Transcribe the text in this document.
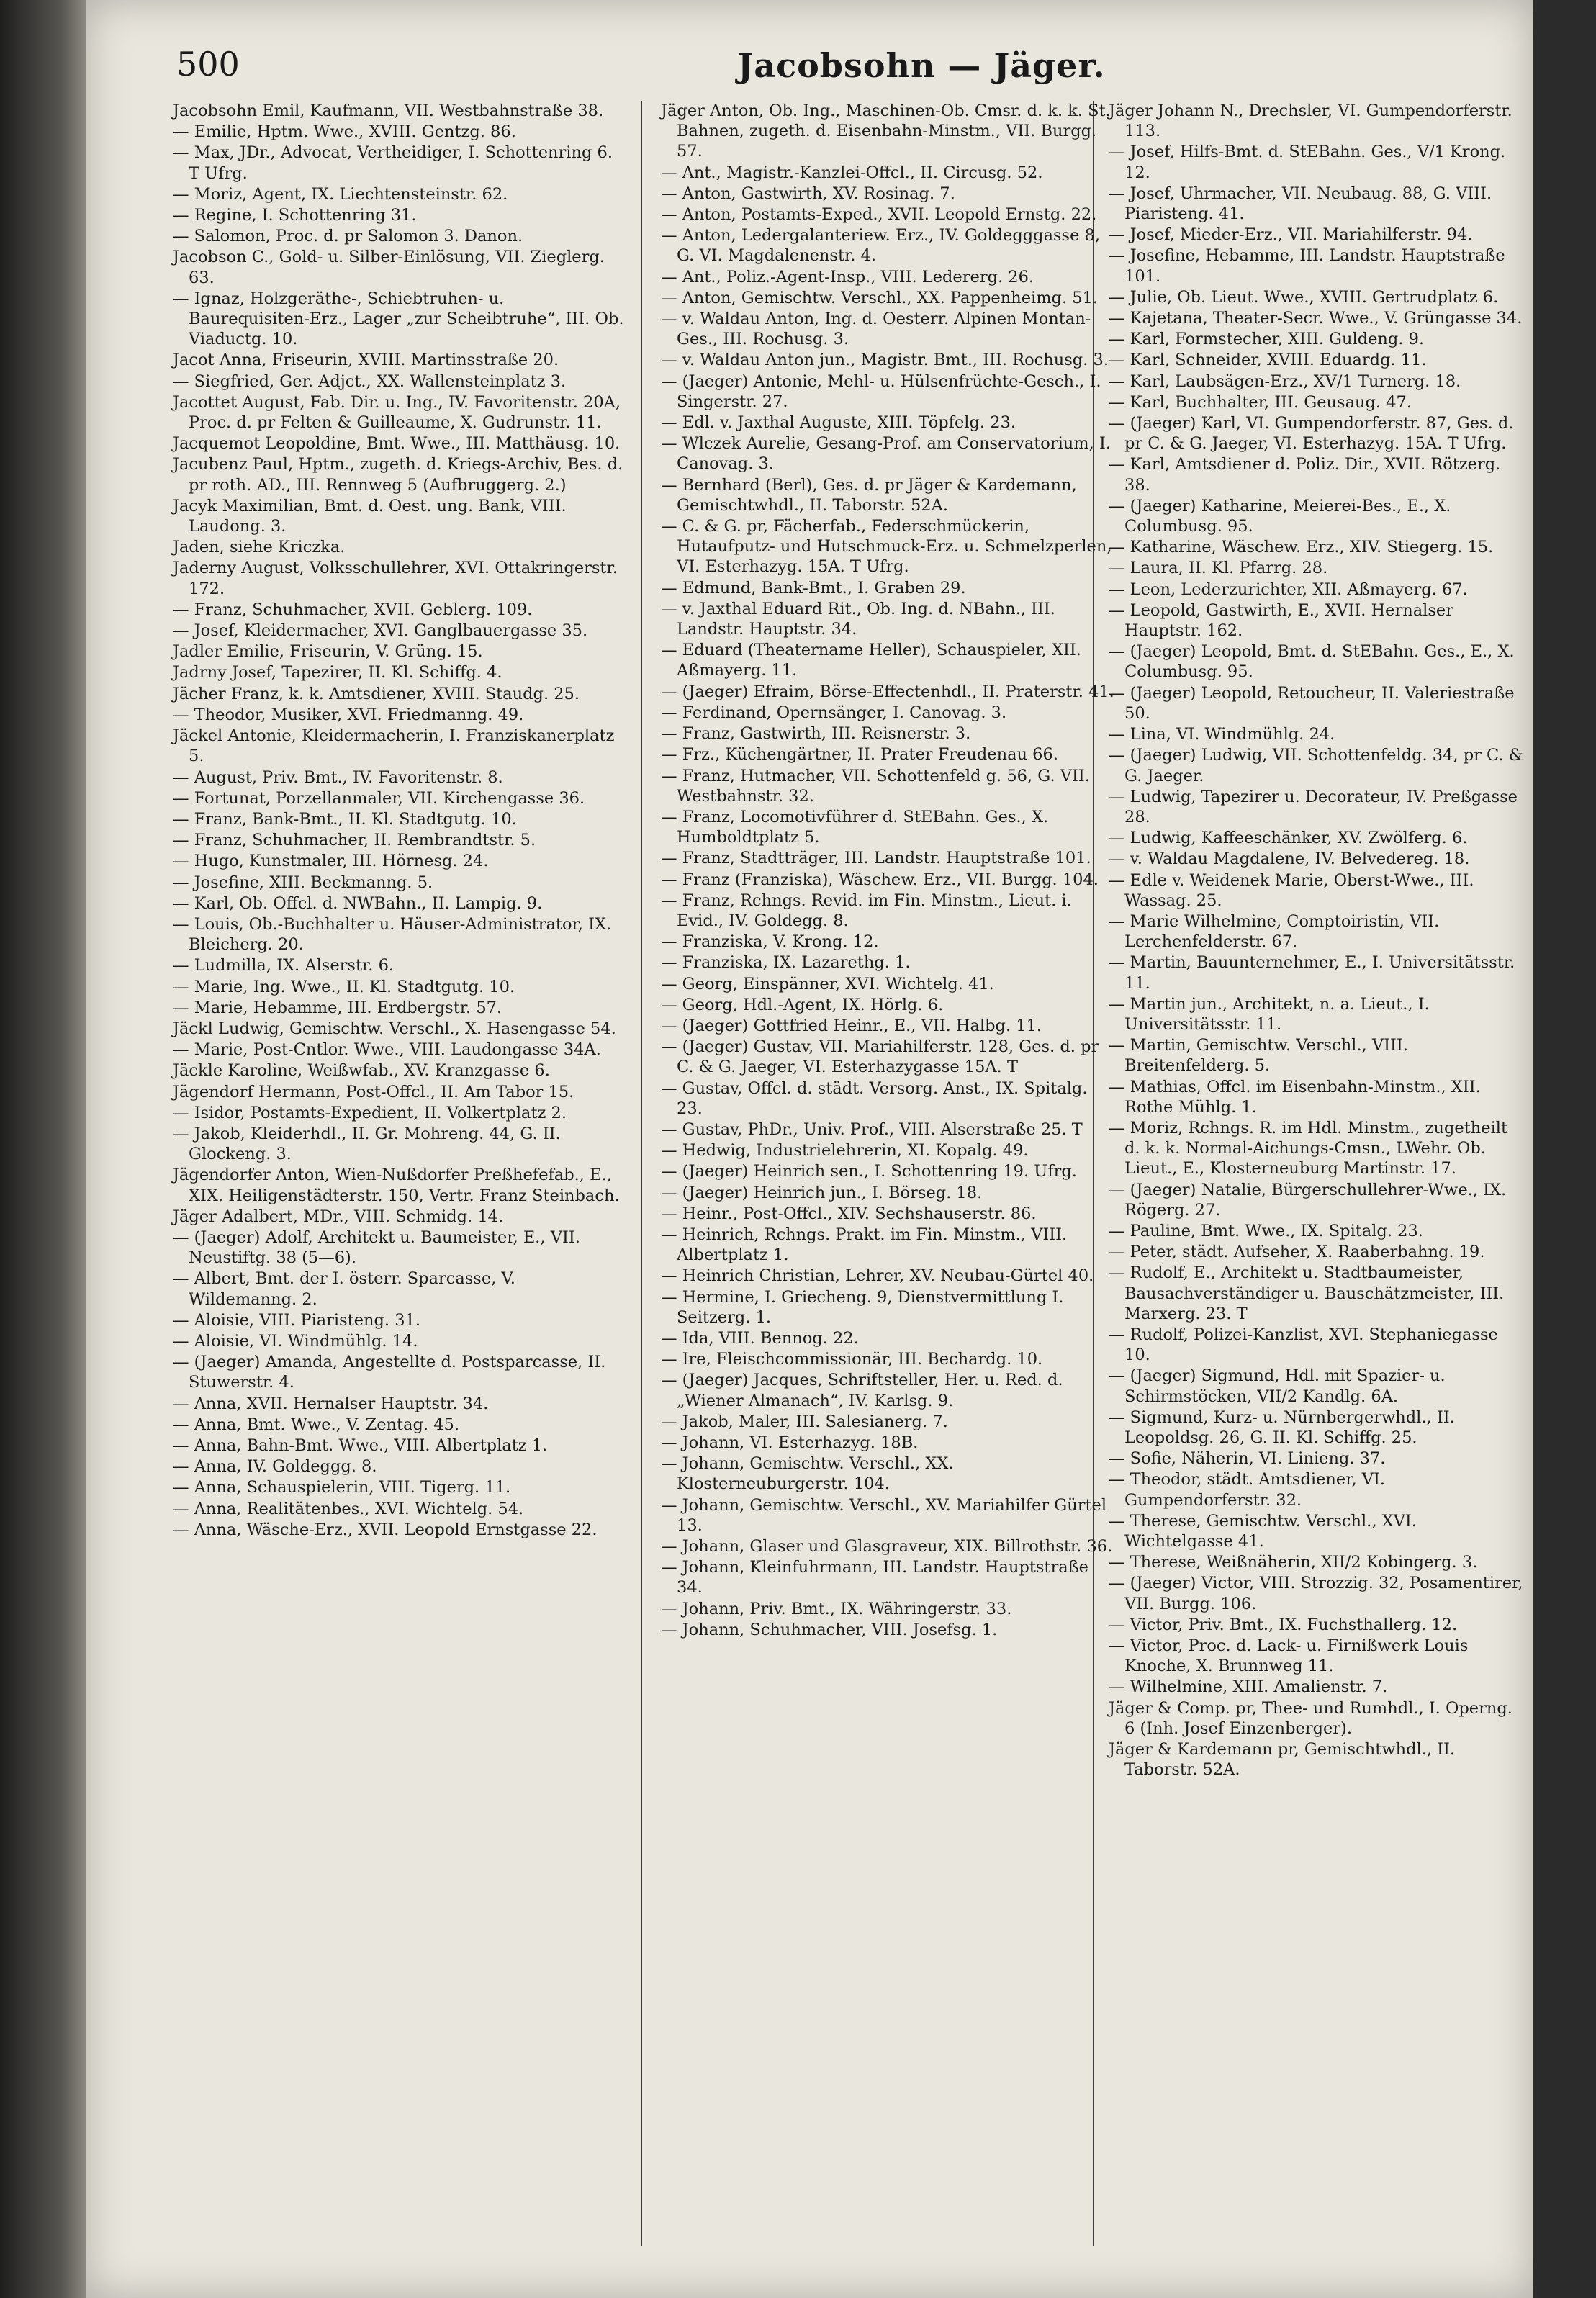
500	Jacobsohn — Jäger.
Jacobsohn Emil, Kaufmann, VII. Westbahnstraße 38.
— Emilie, Hptm. Wwe., XVIII. Gentzg. 86.
— Max, JDr., Advocat, Vertheidiger, I. Schottenring 6. T Ufrg.
— Moriz, Agent, IX. Liechtensteinstr. 62.
— Regine, I. Schottenring 31.
— Salomon, Proc. d. pr Salomon 3. Danon.
Jacobson C., Gold- u. Silber-Einlösung, VII. Zieglerg. 63.
— Ignaz, Holzgeräthe-, Schiebtruhen- u. Baurequisiten-Erz., Lager „zur Scheibtruhe“, III. Ob. Viaductg. 10.
Jacot Anna, Friseurin, XVIII. Martinsstraße 20.
— Siegfried, Ger. Adjct., XX. Wallensteinplatz 3.
Jacottet August, Fab. Dir. u. Ing., IV. Favoritenstr. 20A, Proc. d. pr Felten & Guilleaume, X. Gudrunstr. 11.
Jacquemot Leopoldine, Bmt. Wwe., III. Matthäusg. 10.
Jacubenz Paul, Hptm., zugeth. d. Kriegs-Archiv, Bes. d. pr roth. AD., III. Rennweg 5 (Aufbruggerg. 2.)
Jacyk Maximilian, Bmt. d. Oest. ung. Bank, VIII. Laudong. 3.
Jaden, siehe Kriczka.
Jaderny August, Volksschullehrer, XVI. Ottakringerstr. 172.
— Franz, Schuhmacher, XVII. Geblerg. 109.
— Josef, Kleidermacher, XVI. Ganglbauergasse 35.
Jadler Emilie, Friseurin, V. Grüng. 15.
Jadrny Josef, Tapezirer, II. Kl. Schiffg. 4.
Jächer Franz, k. k. Amtsdiener, XVIII. Staudg. 25.
— Theodor, Musiker, XVI. Friedmanng. 49.
Jäckel Antonie, Kleidermacherin, I. Franziskanerplatz 5.
— August, Priv. Bmt., IV. Favoritenstr. 8.
— Fortunat, Porzellanmaler, VII. Kirchengasse 36.
— Franz, Bank-Bmt., II. Kl. Stadtgutg. 10.
— Franz, Schuhmacher, II. Rembrandtstr. 5.
— Hugo, Kunstmaler, III. Hörnesg. 24.
— Josefine, XIII. Beckmanng. 5.
— Karl, Ob. Offcl. d. NWBahn., II. Lampig. 9.
— Louis, Ob.-Buchhalter u. Häuser-Administrator, IX. Bleicherg. 20.
— Ludmilla, IX. Alserstr. 6.
— Marie, Ing. Wwe., II. Kl. Stadtgutg. 10.
— Marie, Hebamme, III. Erdbergstr. 57.
Jäckl Ludwig, Gemischtw. Verschl., X. Hasengasse 54.
— Marie, Post-Cntlor. Wwe., VIII. Laudongasse 34A.
Jäckle Karoline, Weißwfab., XV. Kranzgasse 6.
Jägendorf Hermann, Post-Offcl., II. Am Tabor 15.
— Isidor, Postamts-Expedient, II. Volkertplatz 2.
— Jakob, Kleiderhdl., II. Gr. Mohreng. 44, G. II. Glockeng. 3.
Jägendorfer Anton, Wien-Nußdorfer Preßhefefab., E., XIX. Heiligenstädterstr. 150, Vertr. Franz Steinbach.
Jäger Adalbert, MDr., VIII. Schmidg. 14.
— (Jaeger) Adolf, Architekt u. Baumeister, E., VII. Neustiftg. 38 (5—6).
— Albert, Bmt. der I. österr. Sparcasse, V. Wildemanng. 2.
— Aloisie, VIII. Piaristeng. 31.
— Aloisie, VI. Windmühlg. 14.
— (Jaeger) Amanda, Angestellte d. Postsparcasse, II. Stuwerstr. 4.
— Anna, XVII. Hernalser Hauptstr. 34.
— Anna, Bmt. Wwe., V. Zentag. 45.
— Anna, Bahn-Bmt. Wwe., VIII. Albertplatz 1.
— Anna, IV. Goldeggg. 8.
— Anna, Schauspielerin, VIII. Tigerg. 11.
— Anna, Realitätenbes., XVI. Wichtelg. 54.
— Anna, Wäsche-Erz., XVII. Leopold Ernstgasse 22.
Jäger Anton, Ob. Ing., Maschinen-Ob. Cmsr. d. k. k. St. Bahnen, zugeth. d. Eisenbahn-Minstm., VII. Burgg. 57.
— Ant., Magistr.-Kanzlei-Offcl., II. Circusg. 52.
— Anton, Gastwirth, XV. Rosinag. 7.
— Anton, Postamts-Exped., XVII. Leopold Ernstg. 22.
— Anton, Ledergalanteriew. Erz., IV. Goldegggasse 8, G. VI. Magdalenenstr. 4.
— Ant., Poliz.-Agent-Insp., VIII. Ledererg. 26.
— Anton, Gemischtw. Verschl., XX. Pappenheimg. 51.
— v. Waldau Anton, Ing. d. Oesterr. Alpinen Montan-Ges., III. Rochusg. 3.
— v. Waldau Anton jun., Magistr. Bmt., III. Rochusg. 3.
— (Jaeger) Antonie, Mehl- u. Hülsenfrüchte-Gesch., I. Singerstr. 27.
— Edl. v. Jaxthal Auguste, XIII. Töpfelg. 23.
— Wlczek Aurelie, Gesang-Prof. am Conservatorium, I. Canovag. 3.
— Bernhard (Berl), Ges. d. pr Jäger & Kardemann, Gemischtwhdl., II. Taborstr. 52A.
— C. & G. pr, Fächerfab., Federschmückerin, Hutaufputz- und Hutschmuck-Erz. u. Schmelzperlen, VI. Esterhazyg. 15A. T Ufrg.
— Edmund, Bank-Bmt., I. Graben 29.
— v. Jaxthal Eduard Rit., Ob. Ing. d. NBahn., III. Landstr. Hauptstr. 34.
— Eduard (Theatername Heller), Schauspieler, XII. Aßmayerg. 11.
— (Jaeger) Efraim, Börse-Effectenhdl., II. Praterstr. 41.
— Ferdinand, Opernsänger, I. Canovag. 3.
— Franz, Gastwirth, III. Reisnerstr. 3.
— Frz., Küchengärtner, II. Prater Freudenau 66.
— Franz, Hutmacher, VII. Schottenfeld g. 56, G. VII. Westbahnstr. 32.
— Franz, Locomotivführer d. StEBahn. Ges., X. Humboldtplatz 5.
— Franz, Stadtträger, III. Landstr. Hauptstraße 101.
— Franz (Franziska), Wäschew. Erz., VII. Burgg. 104.
— Franz, Rchngs. Revid. im Fin. Minstm., Lieut. i. Evid., IV. Goldegg. 8.
— Franziska, V. Krong. 12.
— Franziska, IX. Lazarethg. 1.
— Georg, Einspänner, XVI. Wichtelg. 41.
— Georg, Hdl.-Agent, IX. Hörlg. 6.
— (Jaeger) Gottfried Heinr., E., VII. Halbg. 11.
— (Jaeger) Gustav, VII. Mariahilferstr. 128, Ges. d. pr C. & G. Jaeger, VI. Esterhazygasse 15A. T
— Gustav, Offcl. d. städt. Versorg. Anst., IX. Spitalg. 23.
— Gustav, PhDr., Univ. Prof., VIII. Alserstraße 25. T
— Hedwig, Industrielehrerin, XI. Kopalg. 49.
— (Jaeger) Heinrich sen., I. Schottenring 19. Ufrg.
— (Jaeger) Heinrich jun., I. Börseg. 18.
— Heinr., Post-Offcl., XIV. Sechshauserstr. 86.
— Heinrich, Rchngs. Prakt. im Fin. Minstm., VIII. Albertplatz 1.
— Heinrich Christian, Lehrer, XV. Neubau-Gürtel 40.
— Hermine, I. Griecheng. 9, Dienstvermittlung I. Seitzerg. 1.
— Ida, VIII. Bennog. 22.
— Ire, Fleischcommissionär, III. Bechardg. 10.
— (Jaeger) Jacques, Schriftsteller, Her. u. Red. d. „Wiener Almanach“, IV. Karlsg. 9.
— Jakob, Maler, III. Salesianerg. 7.
— Johann, VI. Esterhazyg. 18B.
— Johann, Gemischtw. Verschl., XX. Klosterneuburgerstr. 104.
— Johann, Gemischtw. Verschl., XV. Mariahilfer Gürtel 13.
— Johann, Glaser und Glasgraveur, XIX. Billrothstr. 36.
— Johann, Kleinfuhrmann, III. Landstr. Hauptstraße 34.
— Johann, Priv. Bmt., IX. Währingerstr. 33.
— Johann, Schuhmacher, VIII. Josefsg. 1.
Jäger Johann N., Drechsler, VI. Gumpendorferstr. 113.
— Josef, Hilfs-Bmt. d. StEBahn. Ges., V/1 Krong. 12.
— Josef, Uhrmacher, VII. Neubaug. 88, G. VIII. Piaristeng. 41.
— Josef, Mieder-Erz., VII. Mariahilferstr. 94.
— Josefine, Hebamme, III. Landstr. Hauptstraße 101.
— Julie, Ob. Lieut. Wwe., XVIII. Gertrudplatz 6.
— Kajetana, Theater-Secr. Wwe., V. Grüngasse 34.
— Karl, Formstecher, XIII. Guldeng. 9.
— Karl, Schneider, XVIII. Eduardg. 11.
— Karl, Laubsägen-Erz., XV/1 Turnerg. 18.
— Karl, Buchhalter, III. Geusaug. 47.
— (Jaeger) Karl, VI. Gumpendorferstr. 87, Ges. d. pr C. & G. Jaeger, VI. Esterhazyg. 15A. T Ufrg.
— Karl, Amtsdiener d. Poliz. Dir., XVII. Rötzerg. 38.
— (Jaeger) Katharine, Meierei-Bes., E., X. Columbusg. 95.
— Katharine, Wäschew. Erz., XIV. Stiegerg. 15.
— Laura, II. Kl. Pfarrg. 28.
— Leon, Lederzurichter, XII. Aßmayerg. 67.
— Leopold, Gastwirth, E., XVII. Hernalser Hauptstr. 162.
— (Jaeger) Leopold, Bmt. d. StEBahn. Ges., E., X. Columbusg. 95.
— (Jaeger) Leopold, Retoucheur, II. Valeriestraße 50.
— Lina, VI. Windmühlg. 24.
— (Jaeger) Ludwig, VII. Schottenfeldg. 34, pr C. & G. Jaeger.
— Ludwig, Tapezirer u. Decorateur, IV. Preßgasse 28.
— Ludwig, Kaffeeschänker, XV. Zwölferg. 6.
— v. Waldau Magdalene, IV. Belvedereg. 18.
— Edle v. Weidenek Marie, Oberst-Wwe., III. Wassag. 25.
— Marie Wilhelmine, Comptoiristin, VII. Lerchenfelderstr. 67.
— Martin, Bauunternehmer, E., I. Universitätsstr. 11.
— Martin jun., Architekt, n. a. Lieut., I. Universitätsstr. 11.
— Martin, Gemischtw. Verschl., VIII. Breitenfelderg. 5.
— Mathias, Offcl. im Eisenbahn-Minstm., XII. Rothe Mühlg. 1.
— Moriz, Rchngs. R. im Hdl. Minstm., zugetheilt d. k. k. Normal-Aichungs-Cmsn., LWehr. Ob. Lieut., E., Klosterneuburg Martinstr. 17.
— (Jaeger) Natalie, Bürgerschullehrer-Wwe., IX. Rögerg. 27.
— Pauline, Bmt. Wwe., IX. Spitalg. 23.
— Peter, städt. Aufseher, X. Raaberbahng. 19.
— Rudolf, E., Architekt u. Stadtbaumeister, Bausachverständiger u. Bauschätzmeister, III. Marxerg. 23. T
— Rudolf, Polizei-Kanzlist, XVI. Stephaniegasse 10.
— (Jaeger) Sigmund, Hdl. mit Spazier- u. Schirmstöcken, VII/2 Kandlg. 6A.
— Sigmund, Kurz- u. Nürnbergerwhdl., II. Leopoldsg. 26, G. II. Kl. Schiffg. 25.
— Sofie, Näherin, VI. Linieng. 37.
— Theodor, städt. Amtsdiener, VI. Gumpendorferstr. 32.
— Therese, Gemischtw. Verschl., XVI. Wichtelgasse 41.
— Therese, Weißnäherin, XII/2 Kobingerg. 3.
— (Jaeger) Victor, VIII. Strozzig. 32, Posamentirer, VII. Burgg. 106.
— Victor, Priv. Bmt., IX. Fuchsthallerg. 12.
— Victor, Proc. d. Lack- u. Firnißwerk Louis Knoche, X. Brunnweg 11.
— Wilhelmine, XIII. Amalienstr. 7.
Jäger & Comp. pr, Thee- und Rumhdl., I. Operng. 6 (Inh. Josef Einzenberger).
Jäger & Kardemann pr, Gemischtwhdl., II. Taborstr. 52A.
